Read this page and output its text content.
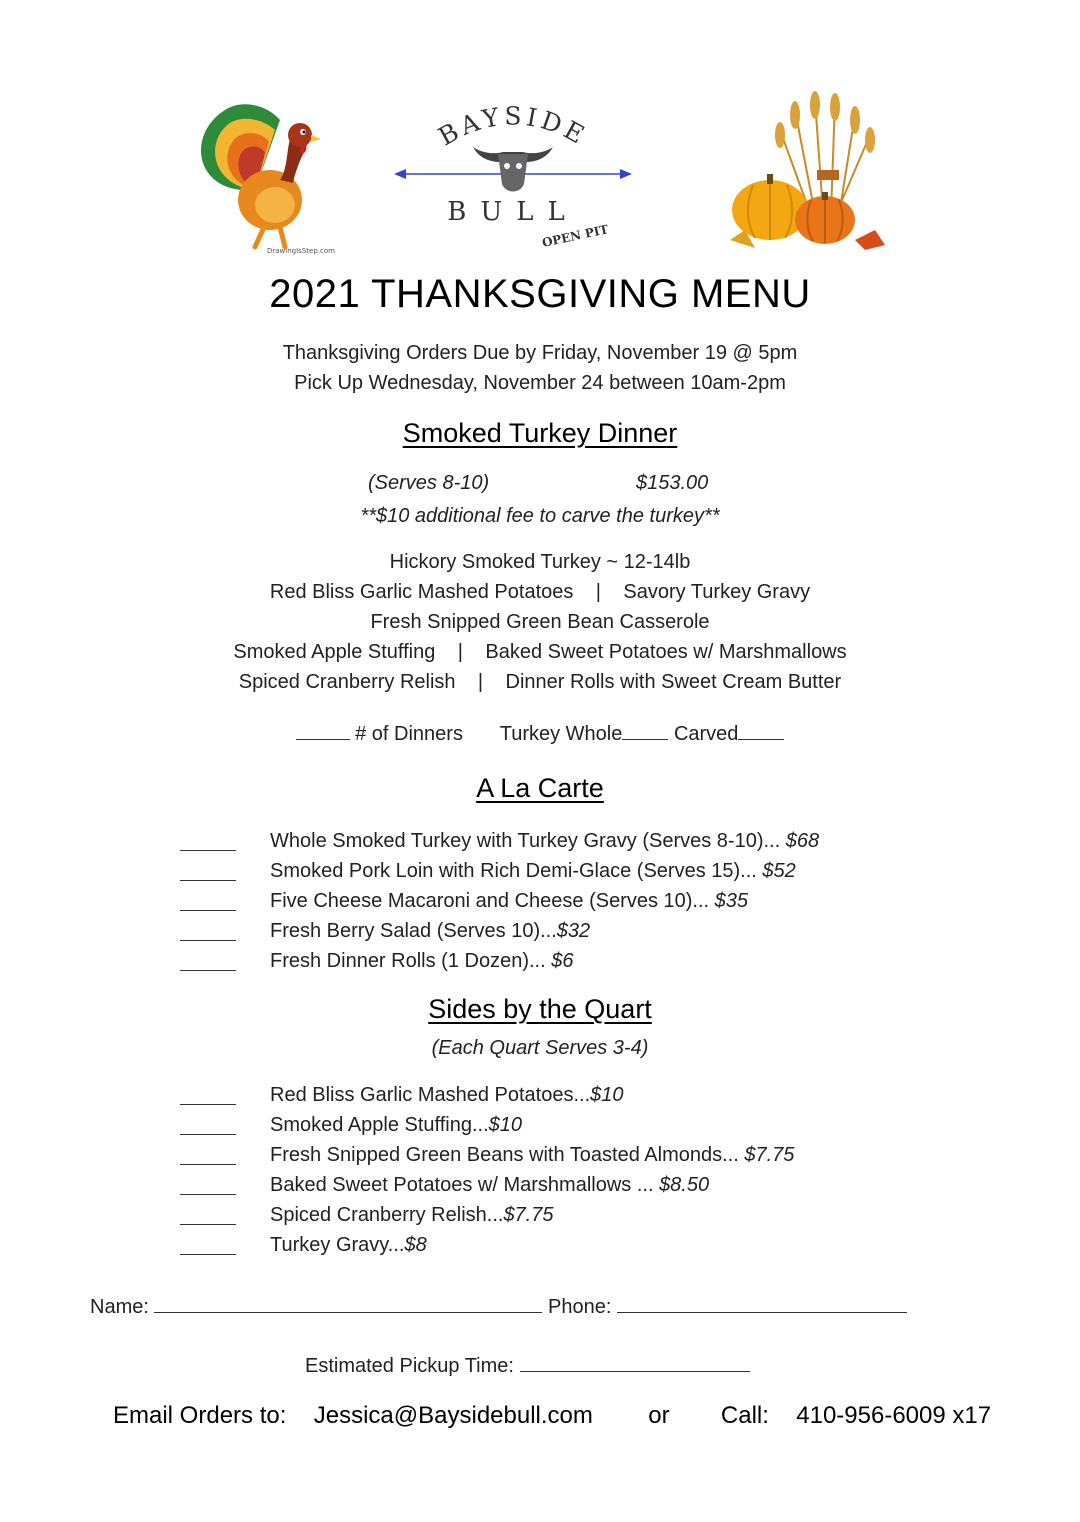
DrawingIsStep.com
BAYSIDE
BULL
OPEN PIT
2021 THANKSGIVING MENU
Thanksgiving Orders Due by Friday, November 19 @ 5pm
Pick Up Wednesday, November 24 between 10am-2pm
Smoked Turkey Dinner
(Serves 8-10)	$153.00
**$10 additional fee to carve the turkey**
Hickory Smoked Turkey ~ 12-14lb
Red Bliss Garlic Mashed Potatoes | Savory Turkey Gravy
Fresh Snipped Green Bean Casserole
Smoked Apple Stuffing | Baked Sweet Potatoes w/ Marshmallows
Spiced Cranberry Relish | Dinner Rolls with Sweet Cream Butter
# of Dinners Turkey Whole	Carved
A La Carte
Whole Smoked Turkey with Turkey Gravy (Serves 8-10)... $68
Smoked Pork Loin with Rich Demi-Glace (Serves 15)... $52
Five Cheese Macaroni and Cheese (Serves 10)... $35
Fresh Berry Salad (Serves 10)...$32
Fresh Dinner Rolls (1 Dozen)... $6
Sides by the Quart
(Each Quart Serves 3-4)
Red Bliss Garlic Mashed Potatoes...$10
Smoked Apple Stuffing...$10
Fresh Snipped Green Beans with Toasted Almonds... $7.75
Baked Sweet Potatoes w/ Marshmallows ... $8.50
Spiced Cranberry Relish...$7.75
Turkey Gravy...$8
Name:	Phone:
Estimated Pickup Time:
Email Orders to: Jessica@Baysidebull.com or Call: 410-956-6009 x17
